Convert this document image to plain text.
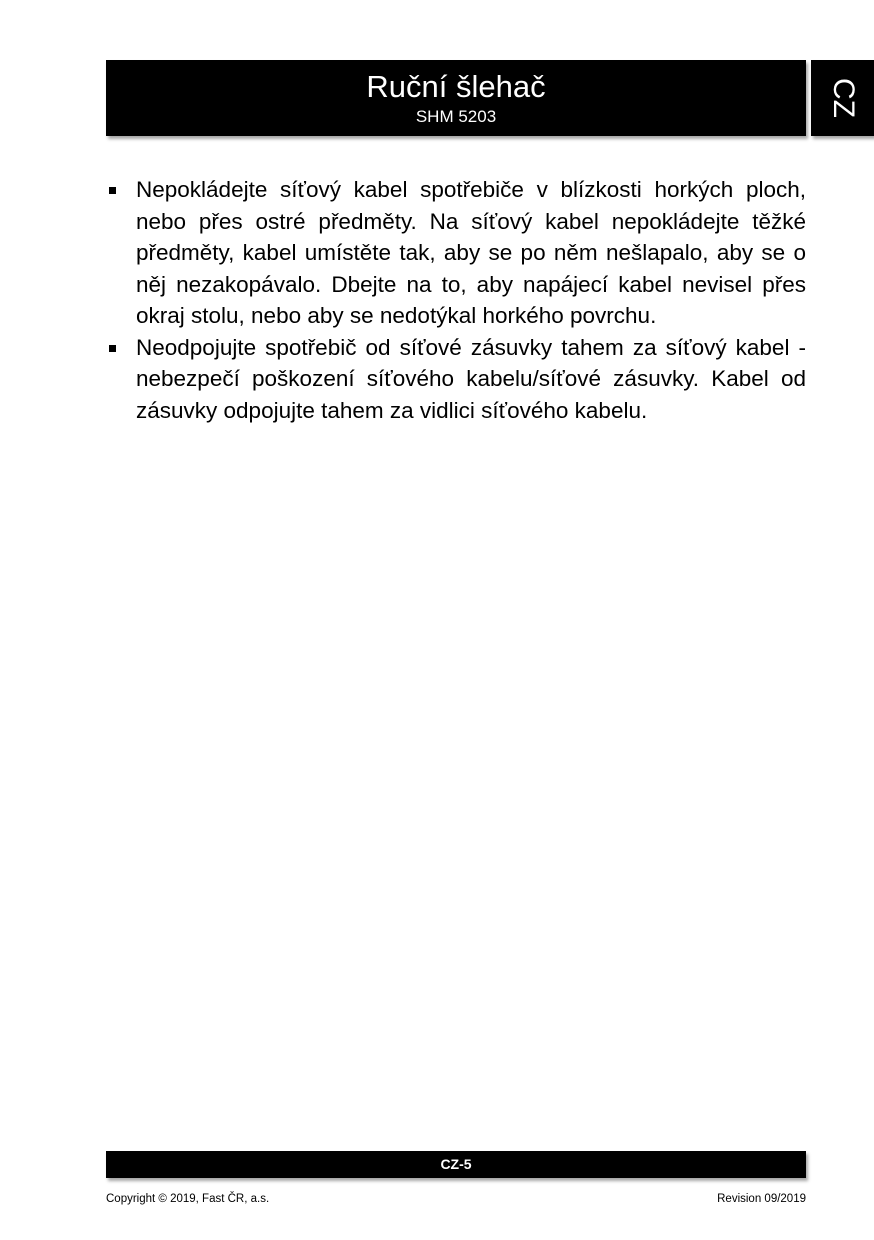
Ruční šlehač
SHM 5203	CZ
Nepokládejte síťový kabel spotřebiče v blízkosti horkých ploch, nebo přes ostré předměty. Na síťový kabel nepokládejte těžké předměty, kabel umístěte tak, aby se po něm nešlapalo, aby se o něj nezakopávalo. Dbejte na to, aby napájecí kabel nevisel přes okraj stolu, nebo aby se nedotýkal horkého povrchu.
Neodpojujte spotřebič od síťové zásuvky tahem za síťový kabel - nebezpečí poškození síťového kabelu/síťové zásuvky. Kabel od zásuvky odpojujte tahem za vidlici síťového kabelu.
CZ-5
Copyright © 2019, Fast ČR, a.s.	Revision 09/2019
